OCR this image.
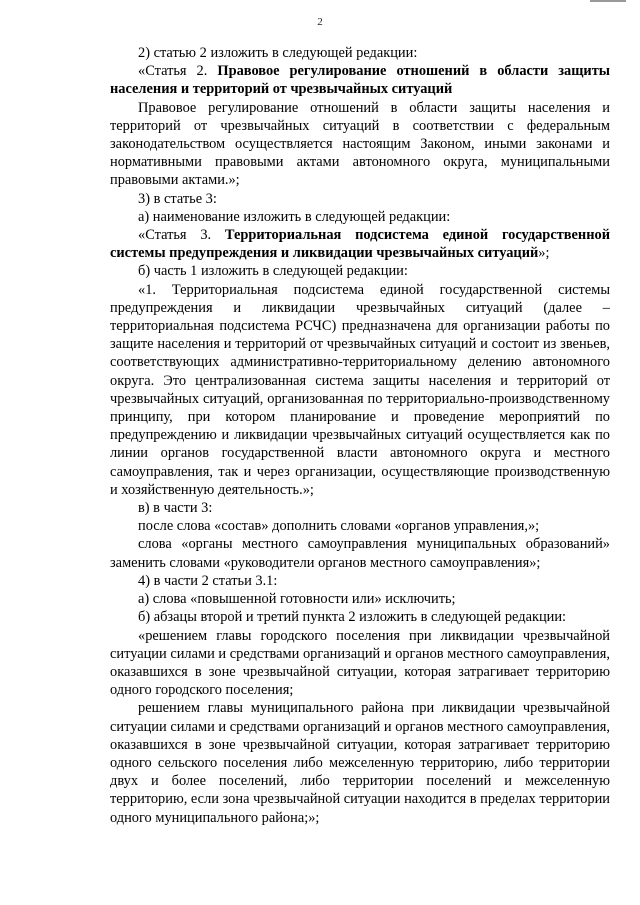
2

2) статью 2 изложить в следующей редакции:

«Статья 2. Правовое регулирование отношений в области защиты населения и территорий от чрезвычайных ситуаций

Правовое регулирование отношений в области защиты населения и территорий от чрезвычайных ситуаций в соответствии с федеральным законодательством осуществляется настоящим Законом, иными законами и нормативными правовыми актами автономного округа, муниципальными правовыми актами.»;

3) в статье 3:

а) наименование изложить в следующей редакции:

«Статья 3. Территориальная подсистема единой государственной системы предупреждения и ликвидации чрезвычайных ситуаций»;

б) часть 1 изложить в следующей редакции:

«1. Территориальная подсистема единой государственной системы предупреждения и ликвидации чрезвычайных ситуаций (далее – территориальная подсистема РСЧС) предназначена для организации работы по защите населения и территорий от чрезвычайных ситуаций и состоит из звеньев, соответствующих административно-территориальному делению автономного округа. Это централизованная система защиты населения и территорий от чрезвычайных ситуаций, организованная по территориально-производственному принципу, при котором планирование и проведение мероприятий по предупреждению и ликвидации чрезвычайных ситуаций осуществляется как по линии органов государственной власти автономного округа и местного самоуправления, так и через организации, осуществляющие производственную и хозяйственную деятельность.»;

в) в части 3:

после слова «состав» дополнить словами «органов управления,»;

слова «органы местного самоуправления муниципальных образований» заменить словами «руководители органов местного самоуправления»;

4) в части 2 статьи 3.1:

а) слова «повышенной готовности или» исключить;

б) абзацы второй и третий пункта 2 изложить в следующей редакции:

«решением главы городского поселения при ликвидации чрезвычайной ситуации силами и средствами организаций и органов местного самоуправления, оказавшихся в зоне чрезвычайной ситуации, которая затрагивает территорию одного городского поселения;

решением главы муниципального района при ликвидации чрезвычайной ситуации силами и средствами организаций и органов местного самоуправления, оказавшихся в зоне чрезвычайной ситуации, которая затрагивает территорию одного сельского поселения либо межселенную территорию, либо территории двух и более поселений, либо территории поселений и межселенную территорию, если зона чрезвычайной ситуации находится в пределах территории одного муниципального района;»;
